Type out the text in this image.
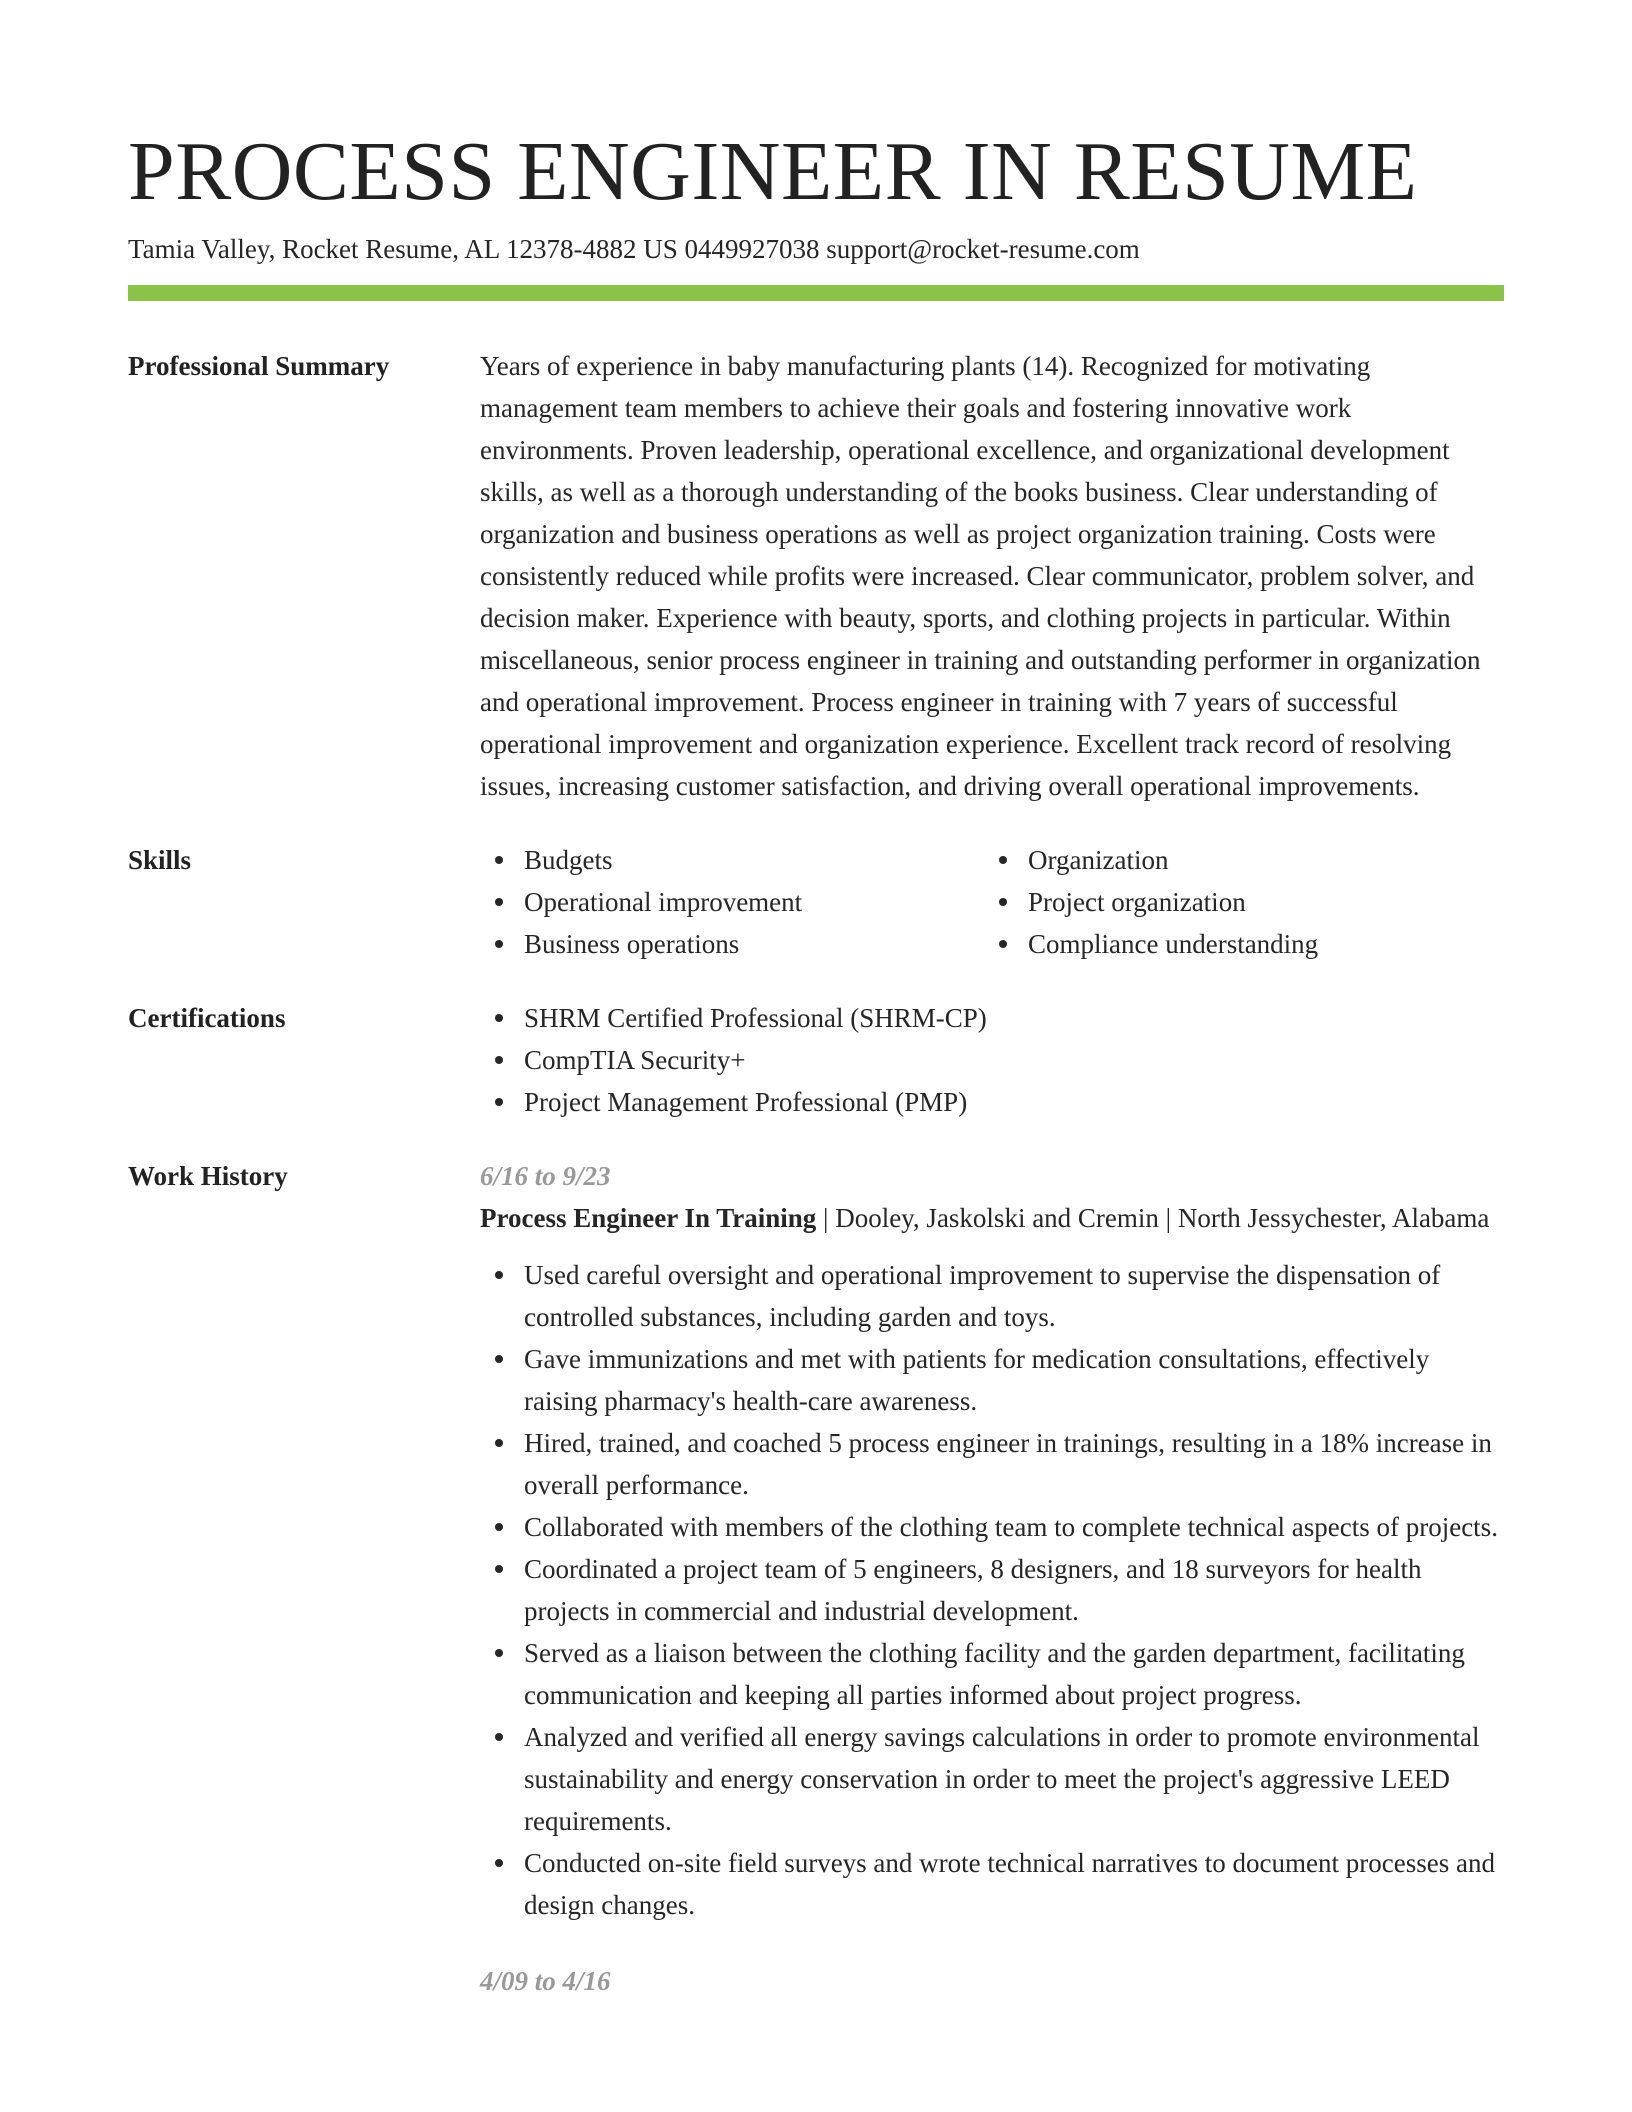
PROCESS ENGINEER IN RESUME
Tamia Valley, Rocket Resume, AL 12378-4882 US 0449927038 support@rocket-resume.com
Professional Summary	Years of experience in baby manufacturing plants (14). Recognized for motivating management team members to achieve their goals and fostering innovative work environments. Proven leadership, operational excellence, and organizational development skills, as well as a thorough understanding of the books business. Clear understanding of organization and business operations as well as project organization training. Costs were consistently reduced while profits were increased. Clear communicator, problem solver, and decision maker. Experience with beauty, sports, and clothing projects in particular. Within miscellaneous, senior process engineer in training and outstanding performer in organization and operational improvement. Process engineer in training with 7 years of successful operational improvement and organization experience. Excellent track record of resolving issues, increasing customer satisfaction, and driving overall operational improvements.
Skills	Budgets
Operational improvement
Business operations
Organization
Project organization
Compliance understanding
Certifications	SHRM Certified Professional (SHRM-CP)
CompTIA Security+
Project Management Professional (PMP)
Work History	6/16 to 9/23
Process Engineer In Training | Dooley, Jaskolski and Cremin | North Jessychester, Alabama
Used careful oversight and operational improvement to supervise the dispensation of controlled substances, including garden and toys.
Gave immunizations and met with patients for medication consultations, effectively raising pharmacy's health-care awareness.
Hired, trained, and coached 5 process engineer in trainings, resulting in a 18% increase in overall performance.
Collaborated with members of the clothing team to complete technical aspects of projects.
Coordinated a project team of 5 engineers, 8 designers, and 18 surveyors for health projects in commercial and industrial development.
Served as a liaison between the clothing facility and the garden department, facilitating communication and keeping all parties informed about project progress.
Analyzed and verified all energy savings calculations in order to promote environmental sustainability and energy conservation in order to meet the project's aggressive LEED requirements.
Conducted on-site field surveys and wrote technical narratives to document processes and design changes.
4/09 to 4/16
